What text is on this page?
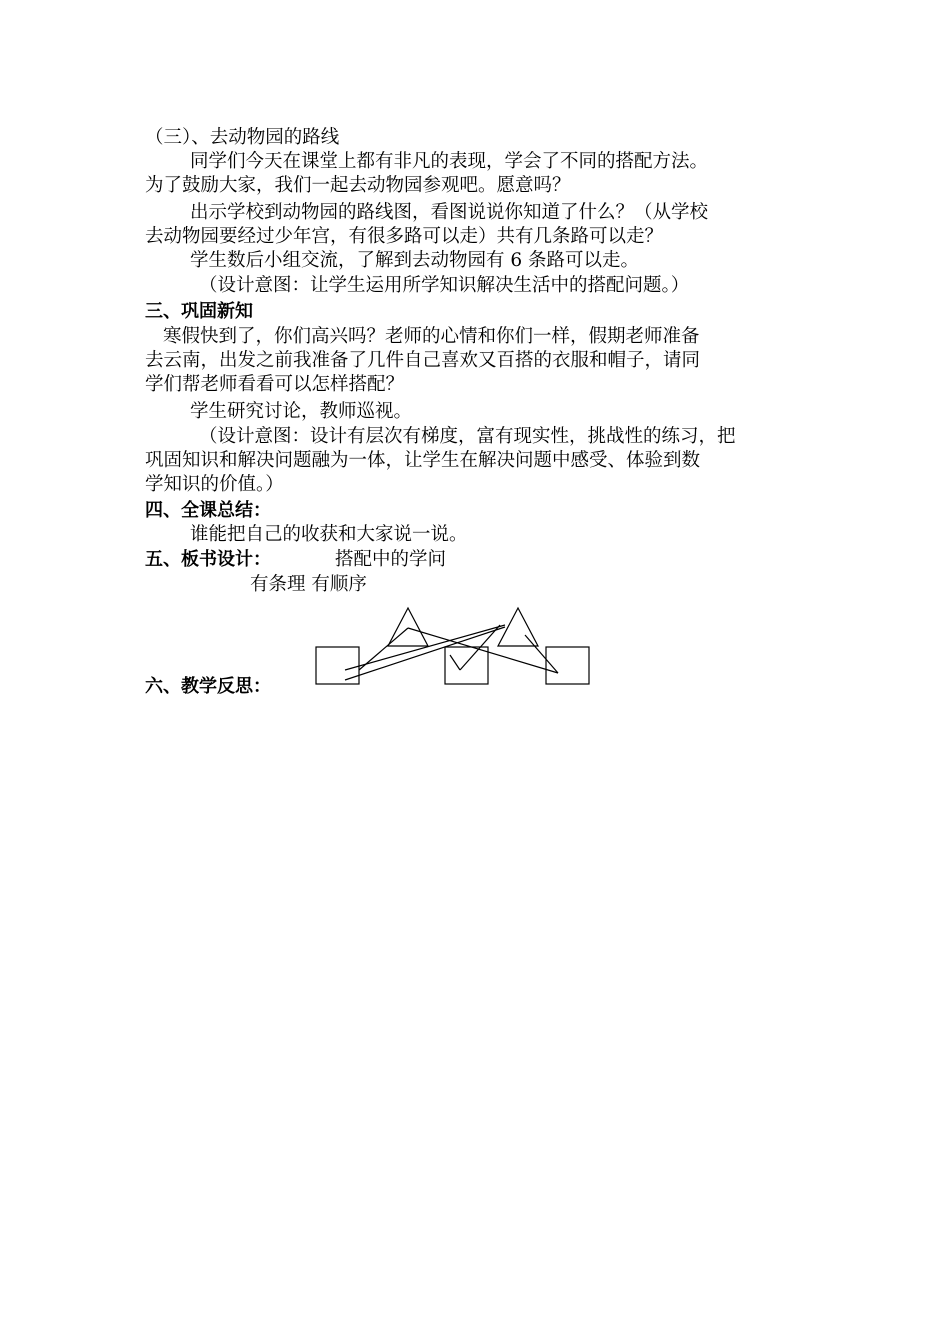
（三）、去动物园的路线
同学们今天在课堂上都有非凡的表现，学会了不同的搭配方法。
为了鼓励大家，我们一起去动物园参观吧。愿意吗？
出示学校到动物园的路线图，看图说说你知道了什么？（从学校
去动物园要经过少年宫，有很多路可以走）共有几条路可以走？
学生数后小组交流，了解到去动物园有 6 条路可以走。
（设计意图：让学生运用所学知识解决生活中的搭配问题。）
三、巩固新知
寒假快到了，你们高兴吗？老师的心情和你们一样，假期老师准备
去云南，出发之前我准备了几件自己喜欢又百搭的衣服和帽子，请同
学们帮老师看看可以怎样搭配？
学生研究讨论，教师巡视。
（设计意图：设计有层次有梯度，富有现实性，挑战性的练习，把
巩固知识和解决问题融为一体，让学生在解决问题中感受、体验到数
学知识的价值。）
四、全课总结：
谁能把自己的收获和大家说一说。
五、板书设计：	搭配中的学问
有条理 有顺序
六、教学反思：
